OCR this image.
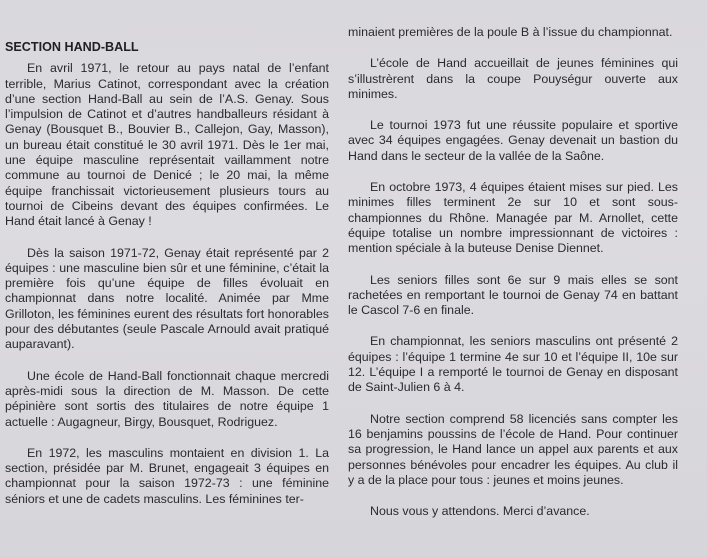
SECTION HAND-BALL

En avril 1971, le retour au pays natal de l’enfant terrible, Marius Catinot, correspondant avec la création d’une section Hand-Ball au sein de l’A.S. Genay. Sous l’impulsion de Catinot et d’autres handballeurs résidant à Genay (Bousquet B., Bouvier B., Callejon, Gay, Masson), un bureau était constitué le 30 avril 1971. Dès le 1er mai, une équipe masculine représentait vaillamment notre commune au tournoi de Denicé ; le 20 mai, la même équipe franchissait victorieusement plusieurs tours au tournoi de Cibeins devant des équipes confirmées. Le Hand était lancé à Genay !

Dès la saison 1971-72, Genay était représenté par 2 équipes : une masculine bien sûr et une féminine, c’était la première fois qu’une équipe de filles évoluait en championnat dans notre localité. Animée par Mme Grilloton, les féminines eurent des résultats fort honorables pour des débutantes (seule Pascale Arnould avait pratiqué auparavant).

Une école de Hand-Ball fonctionnait chaque mercredi après-midi sous la direction de M. Masson. De cette pépinière sont sortis des titulaires de notre équipe 1 actuelle : Augagneur, Birgy, Bousquet, Rodriguez.

En 1972, les masculins montaient en division 1. La section, présidée par M. Brunet, engageait 3 équipes en championnat pour la saison 1972-73 : une féminine séniors et une de cadets masculins. Les féminines ter-

minaient premières de la poule B à l’issue du championnat.

L’école de Hand accueillait de jeunes féminines qui s’illustrèrent dans la coupe Pouységur ouverte aux minimes.

Le tournoi 1973 fut une réussite populaire et sportive avec 34 équipes engagées. Genay devenait un bastion du Hand dans le secteur de la vallée de la Saône.

En octobre 1973, 4 équipes étaient mises sur pied. Les minimes filles terminent 2e sur 10 et sont sous-championnes du Rhône. Managée par M. Arnollet, cette équipe totalise un nombre impressionnant de victoires : mention spéciale à la buteuse Denise Diennet.

Les seniors filles sont 6e sur 9 mais elles se sont rachetées en remportant le tournoi de Genay 74 en battant le Cascol 7-6 en finale.

En championnat, les seniors masculins ont présenté 2 équipes : l’équipe 1 termine 4e sur 10 et l’équipe II, 10e sur 12. L’équipe I a remporté le tournoi de Genay en disposant de Saint-Julien 6 à 4.

Notre section comprend 58 licenciés sans compter les 16 benjamins poussins de l’école de Hand. Pour continuer sa progression, le Hand lance un appel aux parents et aux personnes bénévoles pour encadrer les équipes. Au club il y a de la place pour tous : jeunes et moins jeunes.

Nous vous y attendons. Merci d’avance.
